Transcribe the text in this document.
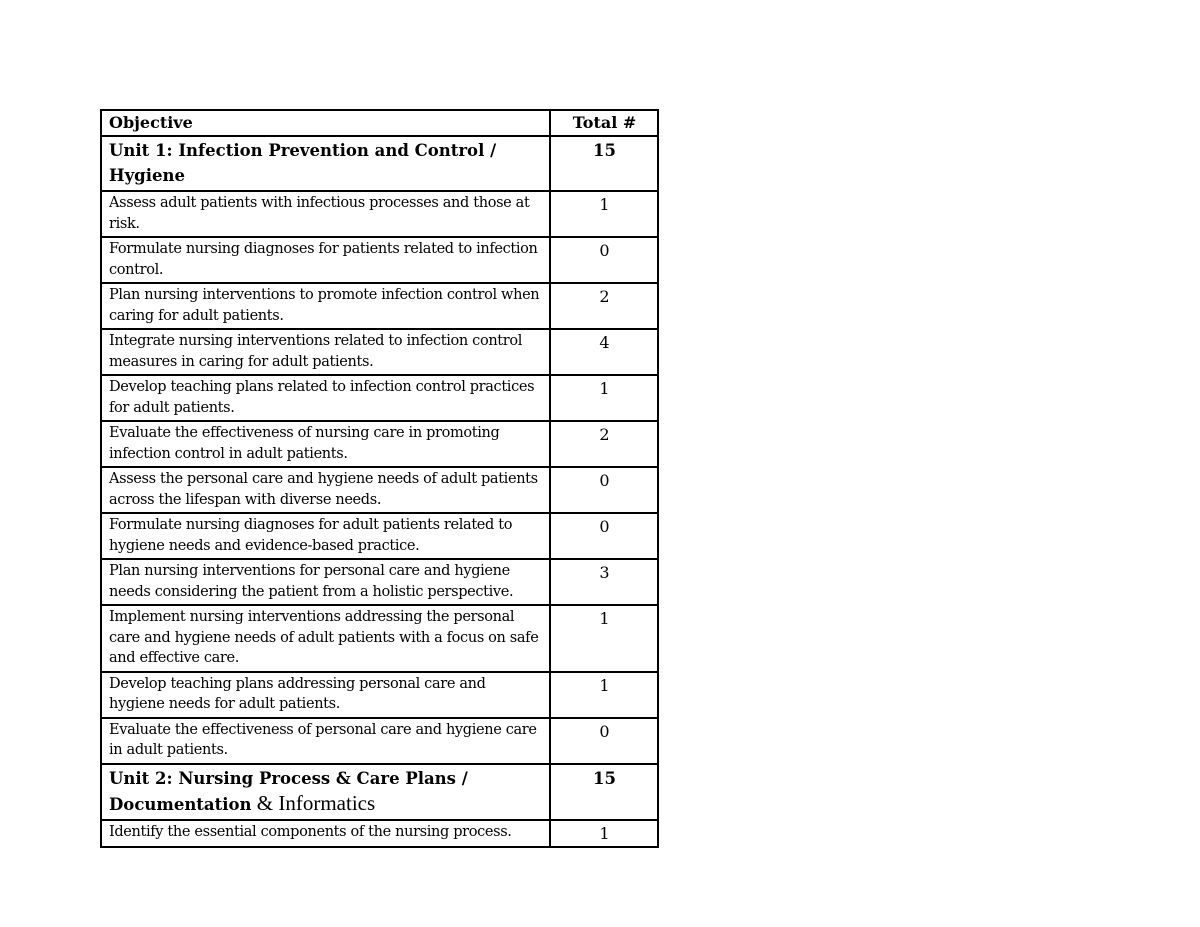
Objective	Total #
Unit 1: Infection Prevention and Control / Hygiene	15
Assess adult patients with infectious processes and those at risk.	1
Formulate nursing diagnoses for patients related to infection control.	0
Plan nursing interventions to promote infection control when caring for adult patients.	2
Integrate nursing interventions related to infection control measures in caring for adult patients.	4
Develop teaching plans related to infection control practices for adult patients.	1
Evaluate the effectiveness of nursing care in promoting infection control in adult patients.	2
Assess the personal care and hygiene needs of adult patients across the lifespan with diverse needs.	0
Formulate nursing diagnoses for adult patients related to hygiene needs and evidence-based practice.	0
Plan nursing interventions for personal care and hygiene needs considering the patient from a holistic perspective.	3
Implement nursing interventions addressing the personal care and hygiene needs of adult patients with a focus on safe and effective care.	1
Develop teaching plans addressing personal care and hygiene needs for adult patients.	1
Evaluate the effectiveness of personal care and hygiene care in adult patients.	0
Unit 2: Nursing Process & Care Plans / Documentation & Informatics	15
Identify the essential components of the nursing process.	1
